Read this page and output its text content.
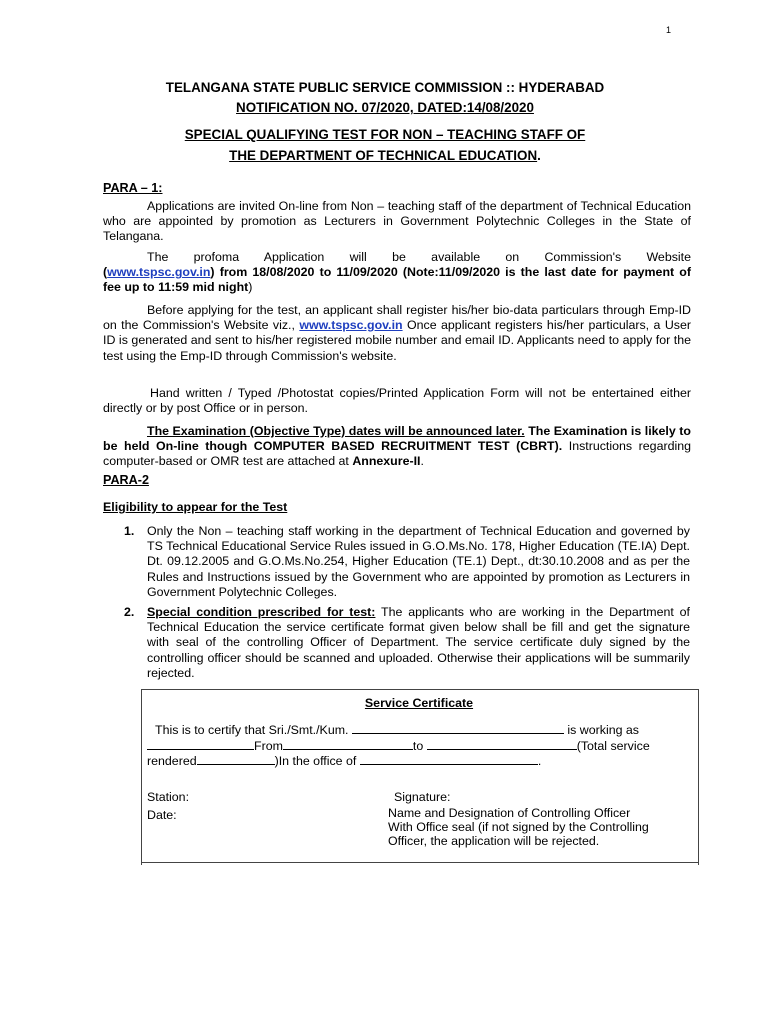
1
TELANGANA STATE PUBLIC SERVICE COMMISSION :: HYDERABAD
NOTIFICATION NO. 07/2020, DATED:14/08/2020
SPECIAL QUALIFYING TEST FOR NON – TEACHING STAFF OF
THE DEPARTMENT OF TECHNICAL EDUCATION.
PARA – 1:
Applications are invited On-line from Non – teaching staff of the department of Technical Education who are appointed by promotion as Lecturers in Government Polytechnic Colleges in the State of Telangana.
The profoma Application will be available on Commission's Website
(www.tspsc.gov.in) from 18/08/2020 to 11/09/2020 (Note:11/09/2020 is the last date for payment of fee up to 11:59 mid night)
Before applying for the test, an applicant shall register his/her bio-data particulars through Emp-ID on the Commission's Website viz., www.tspsc.gov.in Once applicant registers his/her particulars, a User ID is generated and sent to his/her registered mobile number and email ID. Applicants need to apply for the test using the Emp-ID through Commission's website.
Hand written / Typed /Photostat copies/Printed Application Form will not be entertained either directly or by post Office or in person.
The Examination (Objective Type) dates will be announced later. The Examination is likely to be held On-line though COMPUTER BASED RECRUITMENT TEST (CBRT). Instructions regarding computer-based or OMR test are attached at Annexure-II.
PARA-2
Eligibility to appear for the Test
1. Only the Non – teaching staff working in the department of Technical Education and governed by TS Technical Educational Service Rules issued in G.O.Ms.No. 178, Higher Education (TE.IA) Dept. Dt. 09.12.2005 and G.O.Ms.No.254, Higher Education (TE.1) Dept., dt:30.10.2008 and as per the Rules and Instructions issued by the Government who are appointed by promotion as Lecturers in Government Polytechnic Colleges.
2. Special condition prescribed for test: The applicants who are working in the Department of Technical Education the service certificate format given below shall be fill and get the signature with seal of the controlling Officer of Department. The service certificate duly signed by the controlling officer should be scanned and uploaded. Otherwise their applications will be summarily rejected.
Service Certificate
This is to certify that Sri./Smt./Kum.	is working as
From	to	(Total service
rendered	)In the office of	.
Station:
Date:
Signature:
Name and Designation of Controlling Officer
With Office seal (if not signed by the Controlling
Officer, the application will be rejected.
